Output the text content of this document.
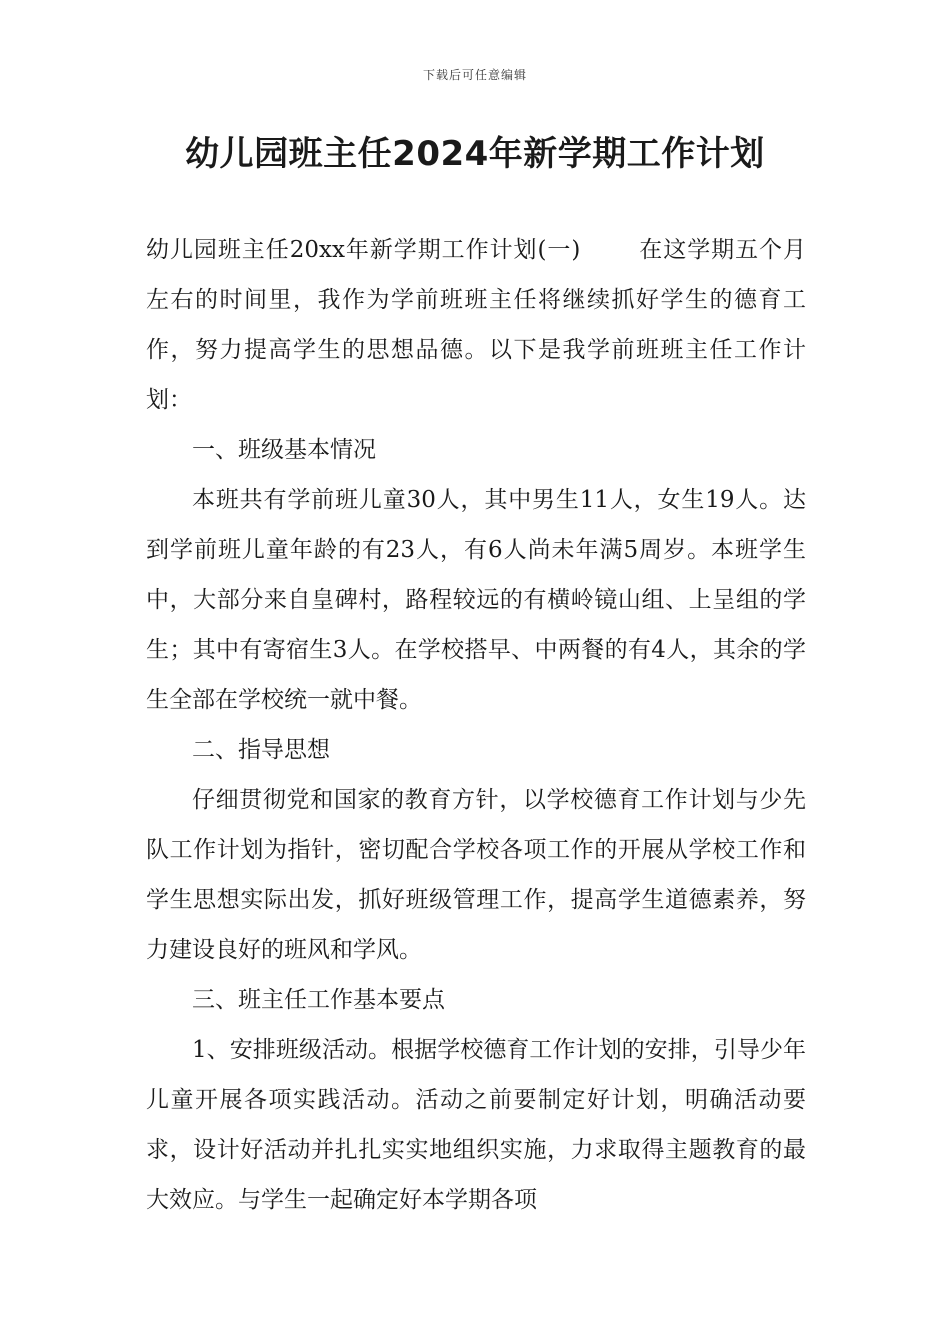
下载后可任意编辑
幼儿园班主任2024年新学期工作计划

幼儿园班主任20xx年新学期工作计划(一)	在这学期五个月左右的时间里，我作为学前班班主任将继续抓好学生的德育工作，努力提高学生的思想品德。以下是我学前班班主任工作计划：

一、班级基本情况

本班共有学前班儿童30人，其中男生11人，女生19人。达到学前班儿童年龄的有23人，有6人尚未年满5周岁。本班学生中，大部分来自皇碑村，路程较远的有横岭镜山组、上呈组的学生；其中有寄宿生3人。在学校搭早、中两餐的有4人，其余的学生全部在学校统一就中餐。

二、指导思想

仔细贯彻党和国家的教育方针，以学校德育工作计划与少先队工作计划为指针，密切配合学校各项工作的开展从学校工作和学生思想实际出发，抓好班级管理工作，提高学生道德素养，努力建设良好的班风和学风。

三、班主任工作基本要点

1、安排班级活动。根据学校德育工作计划的安排，引导少年儿童开展各项实践活动。活动之前要制定好计划，明确活动要求，设计好活动并扎扎实实地组织实施，力求取得主题教育的最大效应。与学生一起确定好本学期各项
